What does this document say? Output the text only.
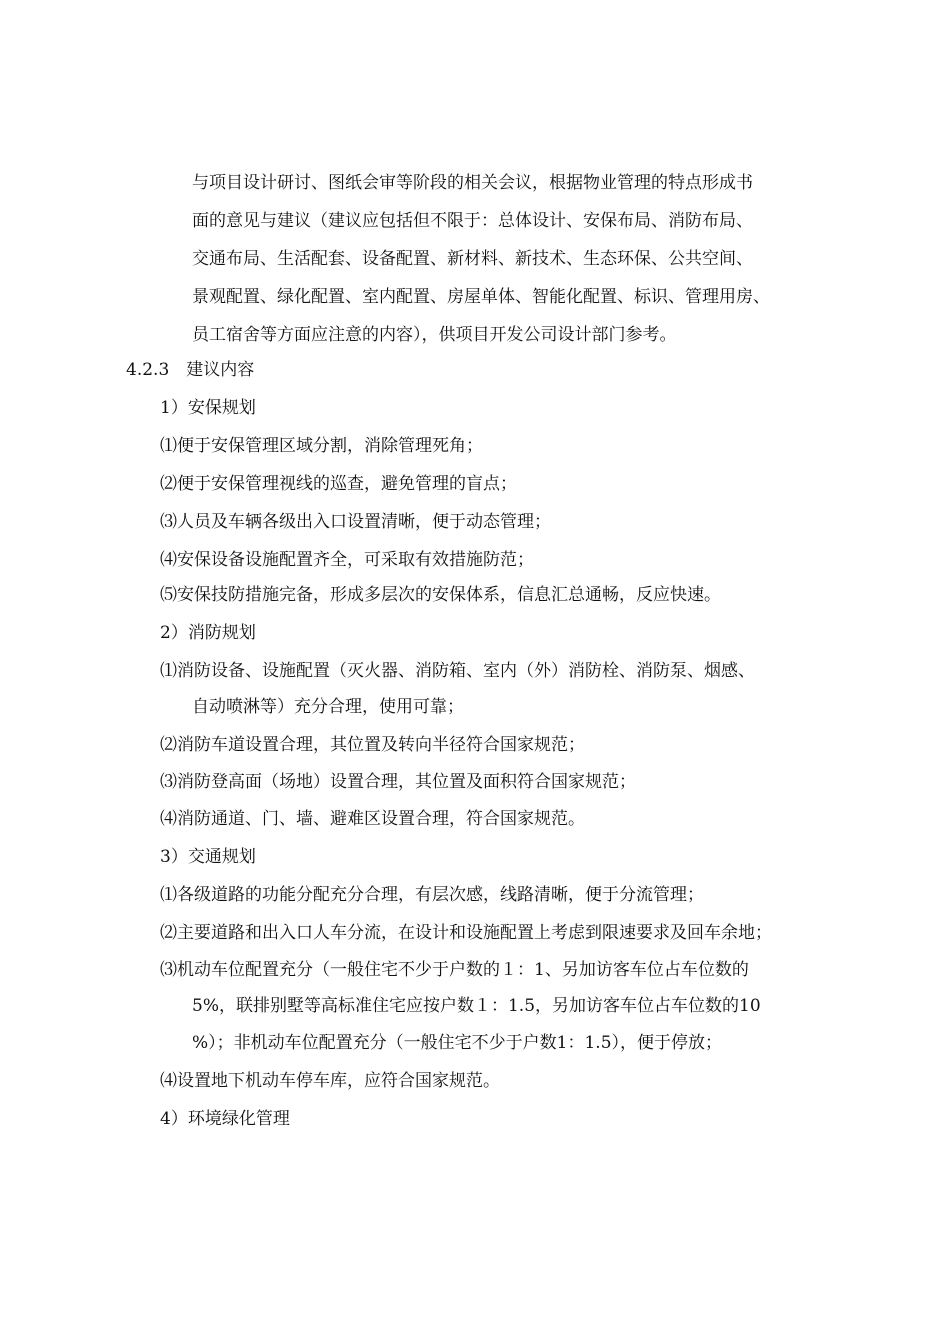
与项目设计研讨、图纸会审等阶段的相关会议，根据物业管理的特点形成书
面的意见与建议（建议应包括但不限于：总体设计、安保布局、消防布局、
交通布局、生活配套、设备配置、新材料、新技术、生态环保、公共空间、
景观配置、绿化配置、室内配置、房屋单体、智能化配置、标识、管理用房、
员工宿舍等方面应注意的内容），供项目开发公司设计部门参考。
4.2.3　建议内容
1）安保规划
⑴便于安保管理区域分割，消除管理死角；
⑵便于安保管理视线的巡查，避免管理的盲点；
⑶人员及车辆各级出入口设置清晰，便于动态管理；
⑷安保设备设施配置齐全，可采取有效措施防范；
⑸安保技防措施完备，形成多层次的安保体系，信息汇总通畅，反应快速。
2）消防规划
⑴消防设备、设施配置（灭火器、消防箱、室内（外）消防栓、消防泵、烟感、
自动喷淋等）充分合理，使用可靠；
⑵消防车道设置合理，其位置及转向半径符合国家规范；
⑶消防登高面（场地）设置合理，其位置及面积符合国家规范；
⑷消防通道、门、墙、避难区设置合理，符合国家规范。
3）交通规划
⑴各级道路的功能分配充分合理，有层次感，线路清晰，便于分流管理；
⑵主要道路和出入口人车分流，在设计和设施配置上考虑到限速要求及回车余地；
⑶机动车位配置充分（一般住宅不少于户数的１：1、另加访客车位占车位数的
5%，联排别墅等高标准住宅应按户数１：1.5，另加访客车位占车位数的10
%）；非机动车位配置充分（一般住宅不少于户数1：1.5），便于停放；
⑷设置地下机动车停车库，应符合国家规范。
4）环境绿化管理
